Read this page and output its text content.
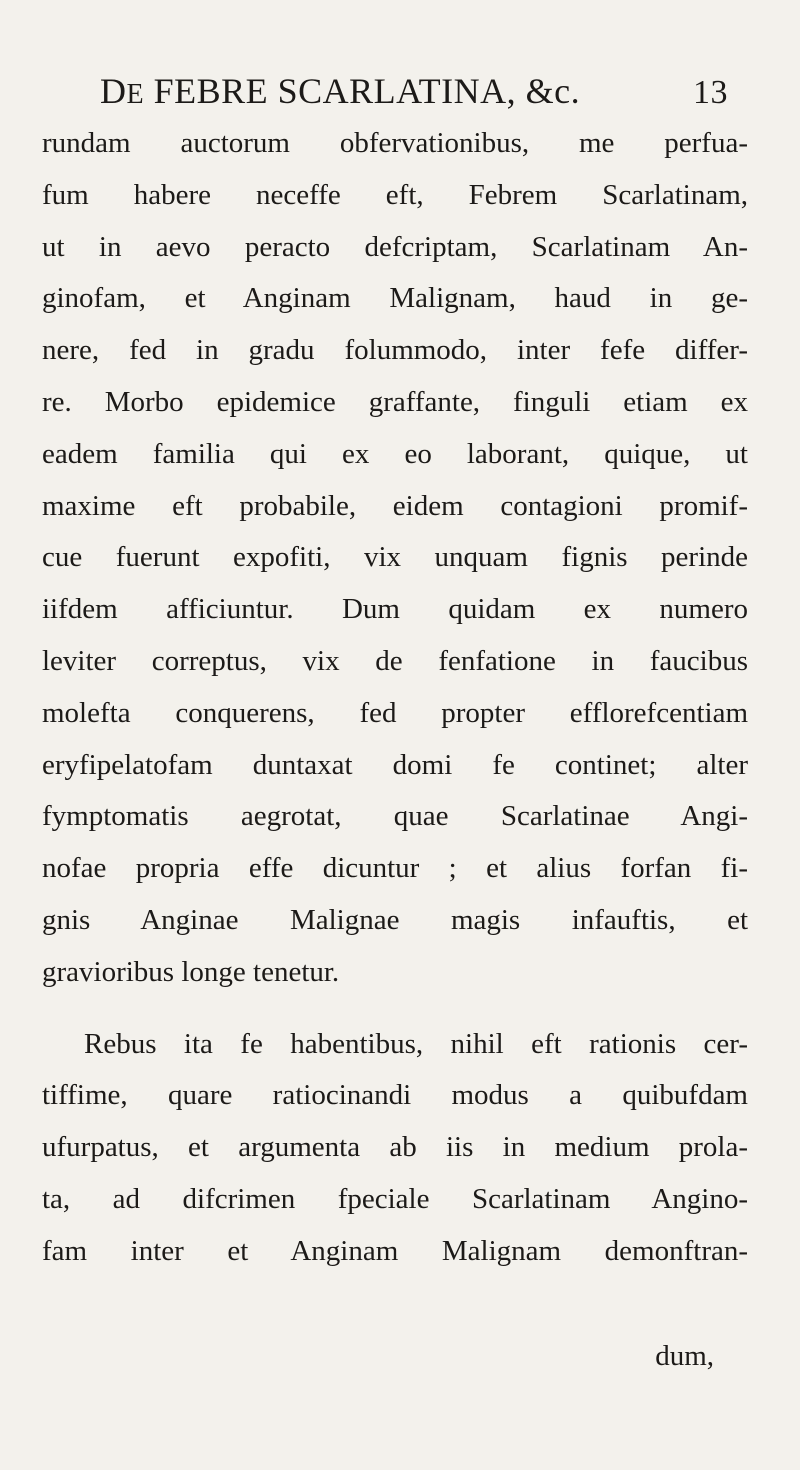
DE FEBRE SCARLATINA, &c.	13
rundam auctorum obfervationibus, me perfua-
fum habere neceffe eft, Febrem Scarlatinam,
ut in aevo peracto defcriptam, Scarlatinam An-
ginofam, et Anginam Malignam, haud in ge-
nere, fed in gradu folummodo, inter fefe differ-
re. Morbo epidemice graffante, finguli etiam ex
eadem familia qui ex eo laborant, quique, ut
maxime eft probabile, eidem contagioni promif-
cue fuerunt expofiti, vix unquam fignis perinde
iifdem afficiuntur. Dum quidam ex numero
leviter correptus, vix de fenfatione in faucibus
molefta conquerens, fed propter efflorefcentiam
eryfipelatofam duntaxat domi fe continet; alter
fymptomatis aegrotat, quae Scarlatinae Angi-
nofae propria effe dicuntur ; et alius forfan fi-
gnis Anginae Malignae magis infauftis, et
gravioribus longe tenetur.
Rebus ita fe habentibus, nihil eft rationis cer-
tiffime, quare ratiocinandi modus a quibufdam
ufurpatus, et argumenta ab iis in medium prola-
ta, ad difcrimen fpeciale Scarlatinam Angino-
fam inter et Anginam Malignam demonftran-
dum,
